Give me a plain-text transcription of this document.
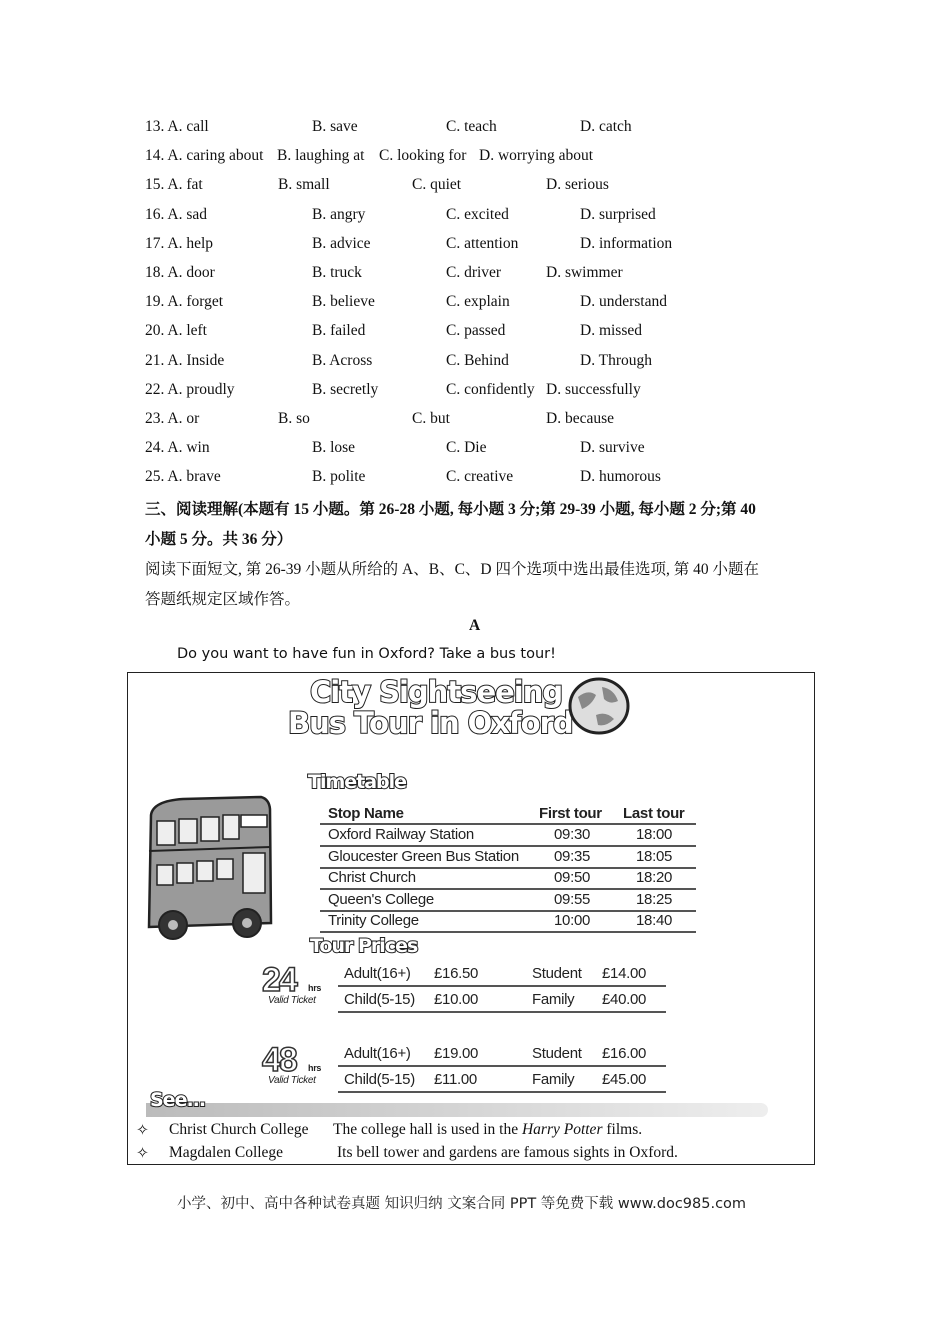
13. A. call	B. save	C. teach	D. catch
14. A. caring about B. laughing at C. looking for D. worrying about
15. A. fat	B. small	C. quiet	D. serious
16. A. sad	B. angry	C. excited	D. surprised
17. A. help	B. advice	C. attention	D. information
18. A. door	B. truck	C. driver	D. swimmer
19. A. forget	B. believe	C. explain	D. understand
20. A. left	B. failed	C. passed	D. missed
21. A. Inside	B. Across	C. Behind	D. Through
22. A. proudly	B. secretly	C. confidently D. successfully
23. A. or	B. so	C. but	D. because
24. A. win	B. lose	C. Die	D. survive
25. A. brave	B. polite	C. creative	D. humorous
三、阅读理解(本题有 15 小题。第 26-28 小题, 每小题 3 分;第 29-39 小题, 每小题 2 分;第 40
小题 5 分。共 36 分）
阅读下面短文, 第 26-39 小题从所给的 A、B、C、D 四个选项中选出最佳选项, 第 40 小题在
答题纸规定区域作答。
A
Do you want to have fun in Oxford? Take a bus tour!
City Sightseeing
Bus Tour in Oxford
Timetable
Stop Name	First tour Last tour
Oxford Railway Station	09:30	18:00
Gloucester Green Bus Station 09:35	18:05
Christ Church	09:50	18:20
Queen's College	09:55	18:25
Trinity College	10:00	18:40
Tour Prices
24 hrs
Valid Ticket
Adult(16+) £16.50	Student £14.00
Child(5-15) £10.00	Family £40.00
48 hrs
Valid Ticket
Adult(16+) £19.00	Student £16.00
Child(5-15) £11.00	Family £45.00
See...
✧ Christ Church College The college hall is used in the Harry Potter films.
✧ Magdalen College	Its bell tower and gardens are famous sights in Oxford.
小学、初中、高中各种试卷真题 知识归纳 文案合同 PPT 等免费下载 www.doc985.com
